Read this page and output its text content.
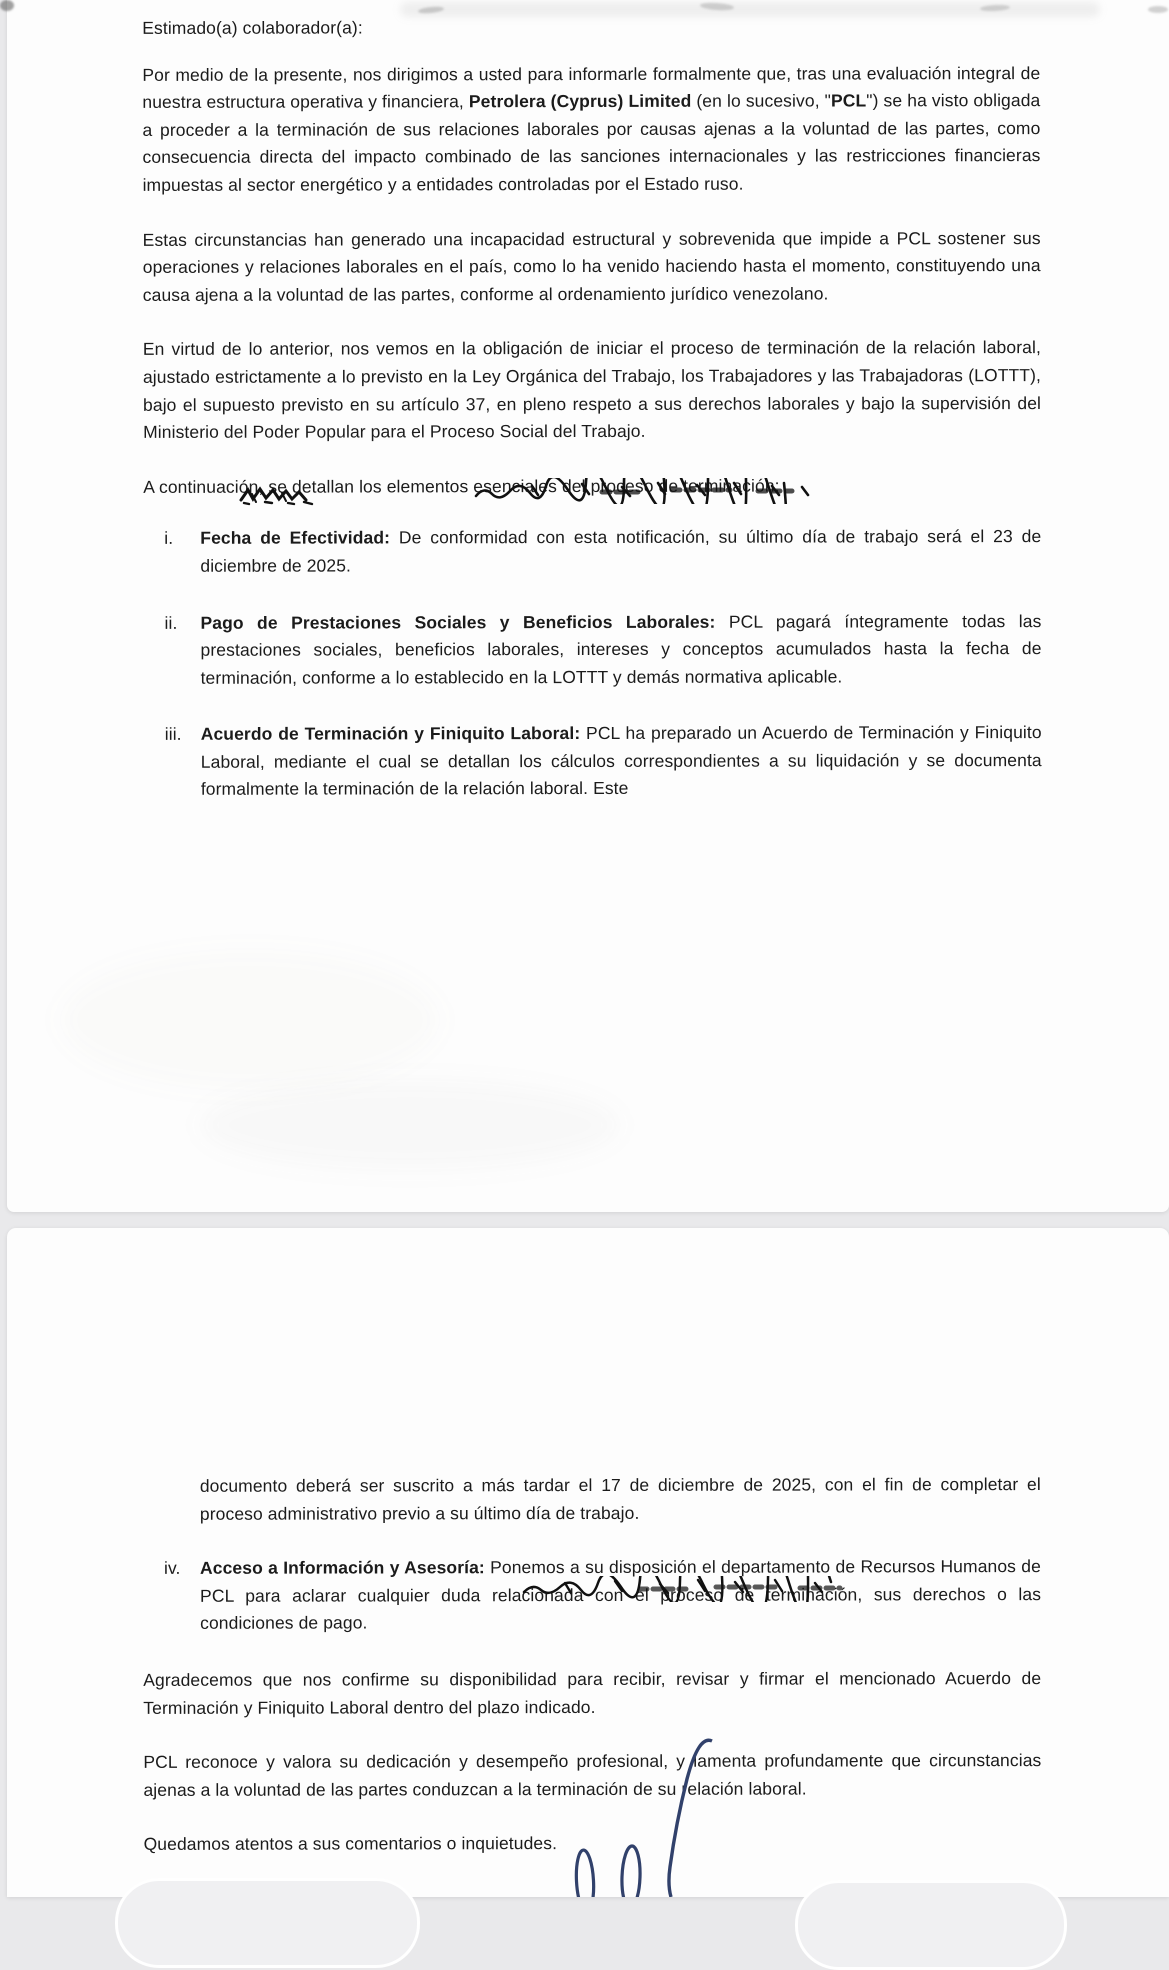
Estimado(a) colaborador(a):

Por medio de la presente, nos dirigimos a usted para informarle formalmente que, tras una evaluación integral de nuestra estructura operativa y financiera, Petrolera (Cyprus) Limited (en lo sucesivo, "PCL") se ha visto obligada a proceder a la terminación de sus relaciones laborales por causas ajenas a la voluntad de las partes, como consecuencia directa del impacto combinado de las sanciones internacionales y las restricciones financieras impuestas al sector energético y a entidades controladas por el Estado ruso.

Estas circunstancias han generado una incapacidad estructural y sobrevenida que impide a PCL sostener sus operaciones y relaciones laborales en el país, como lo ha venido haciendo hasta el momento, constituyendo una causa ajena a la voluntad de las partes, conforme al ordenamiento jurídico venezolano.

En virtud de lo anterior, nos vemos en la obligación de iniciar el proceso de terminación de la relación laboral, ajustado estrictamente a lo previsto en la Ley Orgánica del Trabajo, los Trabajadores y las Trabajadoras (LOTTT), bajo el supuesto previsto en su artículo 37, en pleno respeto a sus derechos laborales y bajo la supervisión del Ministerio del Poder Popular para el Proceso Social del Trabajo.

A continuación, se detallan los elementos esenciales del proceso de terminación:

i.	Fecha de Efectividad: De conformidad con esta notificación, su último día de trabajo será el 23 de diciembre de 2025.
ii.	Pago de Prestaciones Sociales y Beneficios Laborales: PCL pagará íntegramente todas las prestaciones sociales, beneficios laborales, intereses y conceptos acumulados hasta la fecha de terminación, conforme a lo establecido en la LOTTT y demás normativa aplicable.
iii.	Acuerdo de Terminación y Finiquito Laboral: PCL ha preparado un Acuerdo de Terminación y Finiquito Laboral, mediante el cual se detallan los cálculos correspondientes a su liquidación y se documenta formalmente la terminación de la relación laboral. Este

documento deberá ser suscrito a más tardar el 17 de diciembre de 2025, con el fin de completar el proceso administrativo previo a su último día de trabajo.

iv.	Acceso a Información y Asesoría: Ponemos a su disposición el departamento de Recursos Humanos de PCL para aclarar cualquier duda relacionada con el proceso de terminación, sus derechos o las condiciones de pago.

Agradecemos que nos confirme su disponibilidad para recibir, revisar y firmar el mencionado Acuerdo de Terminación y Finiquito Laboral dentro del plazo indicado.

PCL reconoce y valora su dedicación y desempeño profesional, y lamenta profundamente que circunstancias ajenas a la voluntad de las partes conduzcan a la terminación de su relación laboral.

Quedamos atentos a sus comentarios o inquietudes.
